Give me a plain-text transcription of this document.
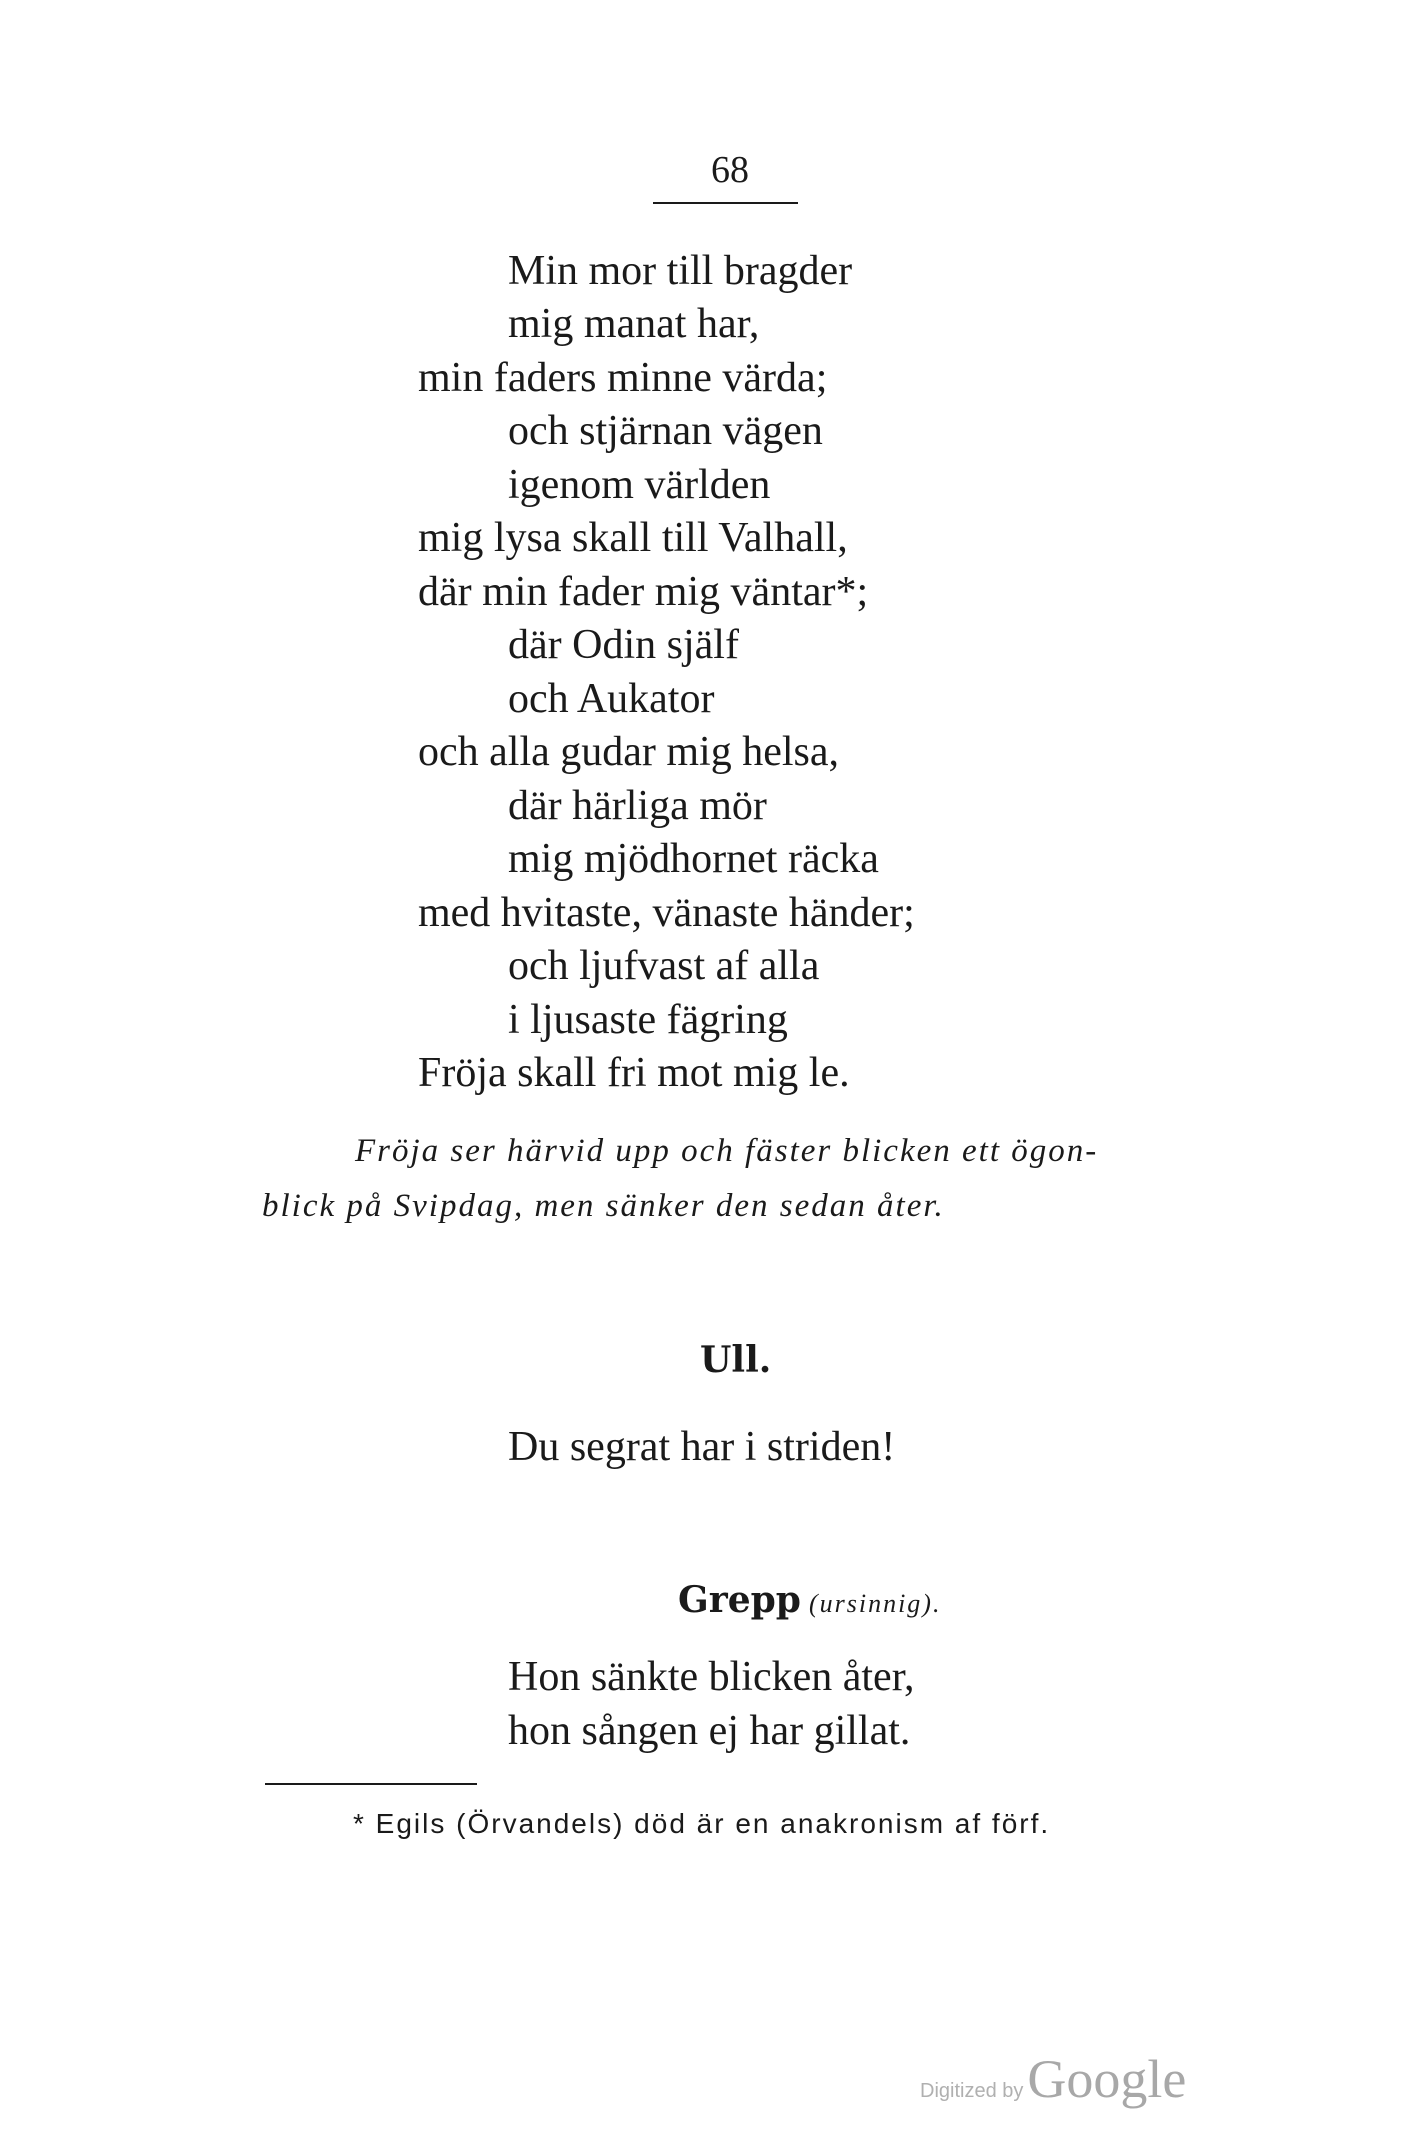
68
Min mor till bragder
mig manat har,
min faders minne värda;
och stjärnan vägen
igenom världen
mig lysa skall till Valhall,
där min fader mig väntar*;
där Odin själf
och Aukator
och alla gudar mig helsa,
där härliga mör
mig mjödhornet räcka
med hvitaste, vänaste händer;
och ljufvast af alla
i ljusaste fägring
Fröja skall fri mot mig le.
Fröja ser härvid upp och fäster blicken ett ögon-
blick på Svipdag, men sänker den sedan åter.
Ull.
Du segrat har i striden!
Grepp (ursinnig).
Hon sänkte blicken åter,
hon sången ej har gillat.
* Egils (Örvandels) död är en anakronism af förf.
Digitized byGoogle
